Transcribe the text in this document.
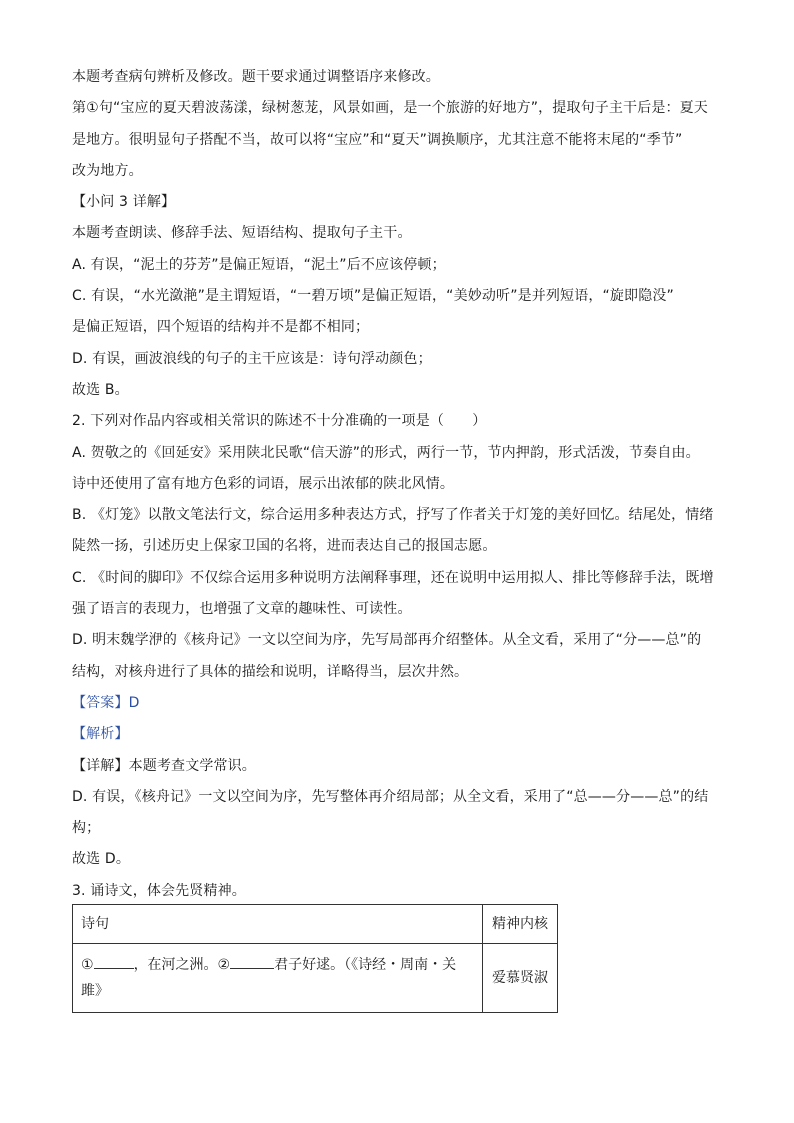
本题考查病句辨析及修改。题干要求通过调整语序来修改。

第①句“宝应的夏天碧波荡漾，绿树葱茏，风景如画，是一个旅游的好地方”，提取句子主干后是：夏天

是地方。很明显句子搭配不当，故可以将“宝应”和“夏天”调换顺序，尤其注意不能将末尾的“季节”

改为地方。

【小问 3 详解】

本题考查朗读、修辞手法、短语结构、提取句子主干。

A. 有误，“泥土的芬芳”是偏正短语，“泥土”后不应该停顿；

C. 有误，“水光潋滟”是主谓短语，“一碧万顷”是偏正短语，“美妙动听”是并列短语，“旋即隐没”

是偏正短语，四个短语的结构并不是都不相同；

D. 有误，画波浪线的句子的主干应该是：诗句浮动颜色；

故选 B。

2. 下列对作品内容或相关常识的陈述不十分准确的一项是（　　）

A. 贺敬之的《回延安》采用陕北民歌“信天游”的形式，两行一节，节内押韵，形式活泼，节奏自由。

诗中还使用了富有地方色彩的词语，展示出浓郁的陕北风情。

B. 《灯笼》以散文笔法行文，综合运用多种表达方式，抒写了作者关于灯笼的美好回忆。结尾处，情绪

陡然一扬，引述历史上保家卫国的名将，进而表达自己的报国志愿。

C. 《时间的脚印》不仅综合运用多种说明方法阐释事理，还在说明中运用拟人、排比等修辞手法，既增

强了语言的表现力，也增强了文章的趣味性、可读性。

D. 明末魏学洢的《核舟记》一文以空间为序，先写局部再介绍整体。从全文看，采用了“分——总”的

结构，对核舟进行了具体的描绘和说明，详略得当，层次井然。

【答案】D

【解析】

【详解】本题考查文学常识。

D. 有误，《核舟记》一文以空间为序，先写整体再介绍局部；从全文看，采用了“总——分——总”的结

构；

故选 D。

3. 诵诗文，体会先贤精神。

诗句	精神内核
① ，在河之洲。② 君子好逑。（《诗经・周南・关
雎》	爱慕贤淑
